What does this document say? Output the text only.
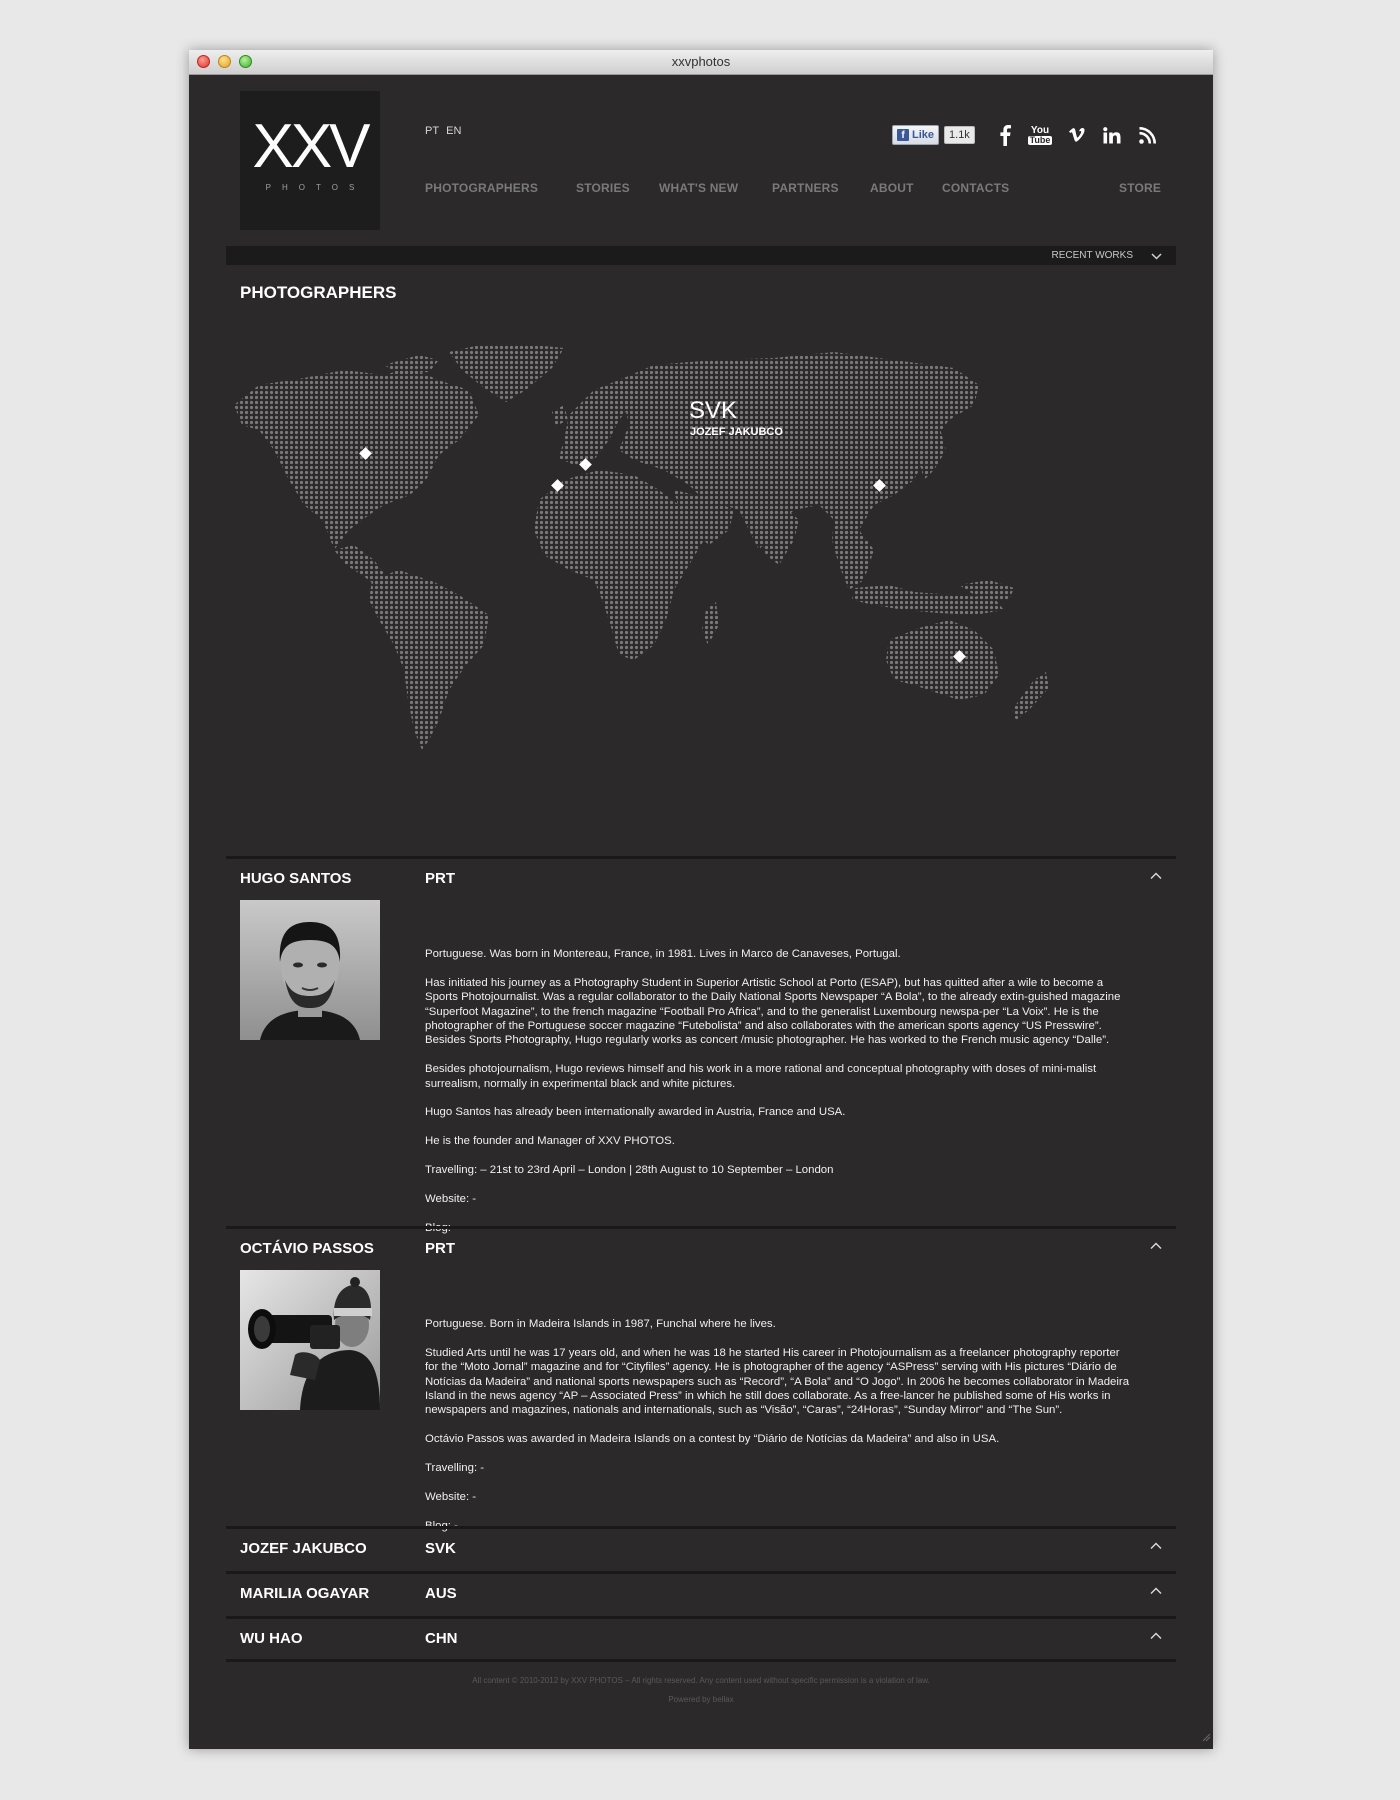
xxvphotos
XXV
PHOTOS
PT EN	f Like	1.1k	You
Tube
PHOTOGRAPHERS	STORIES WHAT'S NEW	PARTNERS	ABOUT CONTACTS	STORE
RECENT WORKS
PHOTOGRAPHERS
SVK
JOZEF JAKUBCO
HUGO SANTOS	PRT

Portuguese. Was born in Montereau, France, in 1981. Lives in Marco de Canaveses, Portugal.

Has initiated his journey as a Photography Student in Superior Artistic School at Porto (ESAP), but has quitted after a wile to become a Sports Photojournalist. Was a regular collaborator to the Daily National Sports Newspaper “A Bola”, to the already extin-guished magazine “Superfoot Magazine”, to the french magazine “Football Pro Africa”, and to the generalist Luxembourg newspa-per “La Voix”. He is the photographer of the Portuguese soccer magazine “Futebolista” and also collaborates with the american sports agency “US Presswire”. Besides Sports Photography, Hugo regularly works as concert /music photographer. He has worked to the French music agency “Dalle”.

Besides photojournalism, Hugo reviews himself and his work in a more rational and conceptual photography with doses of mini-malist surrealism, normally in experimental black and white pictures.

Hugo Santos has already been internationally awarded in Austria, France and USA.

He is the founder and Manager of XXV PHOTOS.

Travelling: – 21st to 23rd April – London | 28th August to 10 September – London

Website: -

OCTÁVIO PASSOS	PRT

Portuguese. Born in Madeira Islands in 1987, Funchal where he lives.

Studied Arts until he was 17 years old, and when he was 18 he started His career in Photojournalism as a freelancer photography reporter for the “Moto Jornal” magazine and for “Cityfiles” agency. He is photographer of the agency “ASPress” serving with His pictures “Diário de Notícias da Madeira” and national sports newspapers such as “Record”, “A Bola” and “O Jogo”. In 2006 he becomes collaborator in Madeira Island in the news agency “AP – Associated Press” in which he still does collaborate. As a free-lancer he published some of His works in newspapers and magazines, nationals and internationals, such as “Visão”, “Caras”, “24Horas”, “Sunday Mirror” and “The Sun”.

Octávio Passos was awarded in Madeira Islands on a contest by “Diário de Notícias da Madeira” and also in USA.

Travelling: -

Website: -

JOZEF JAKUBCO	SVK
MARILIA OGAYAR	AUS
WU HAO	CHN
All content © 2010-2012 by XXV PHOTOS – All rights reserved. Any content used without specific permission is a violation of law.
Powered by bellax
